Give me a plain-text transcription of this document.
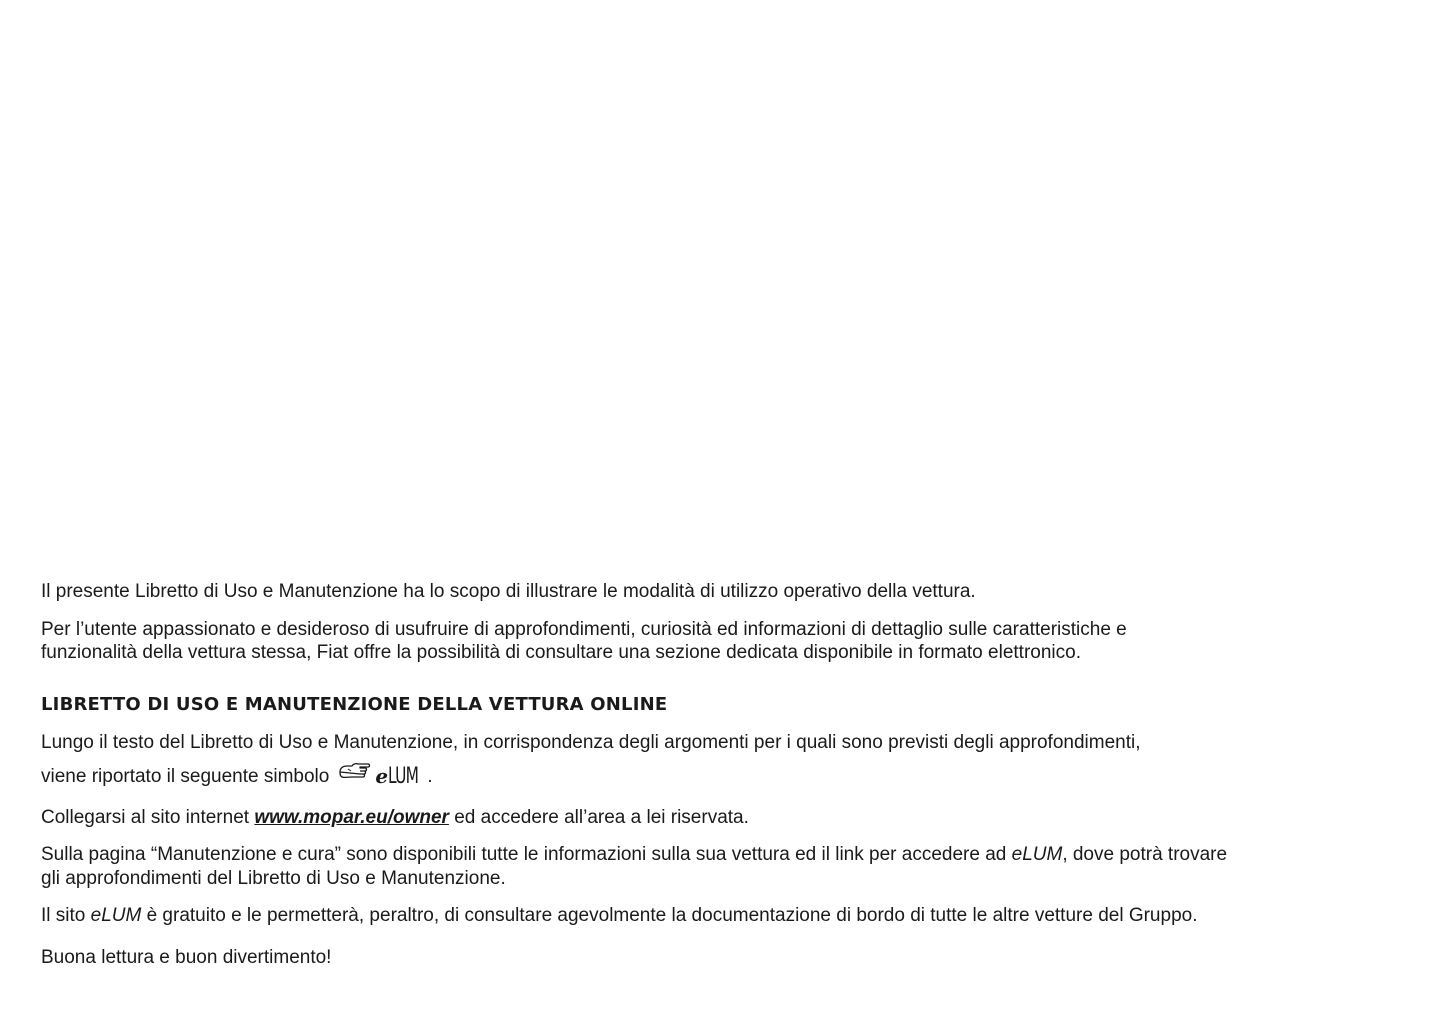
Il presente Libretto di Uso e Manutenzione ha lo scopo di illustrare le modalità di utilizzo operativo della vettura.

Per l’utente appassionato e desideroso di usufruire di approfondimenti, curiosità ed informazioni di dettaglio sulle caratteristiche e
funzionalità della vettura stessa, Fiat offre la possibilità di consultare una sezione dedicata disponibile in formato elettronico.

LIBRETTO DI USO E MANUTENZIONE DELLA VETTURA ONLINE

Lungo il testo del Libretto di Uso e Manutenzione, in corrispondenza degli argomenti per i quali sono previsti degli approfondimenti,
viene riportato il seguente simbolo eLUM .

Collegarsi al sito internet www.mopar.eu/owner ed accedere all’area a lei riservata.

Sulla pagina “Manutenzione e cura” sono disponibili tutte le informazioni sulla sua vettura ed il link per accedere ad eLUM, dove potrà trovare
gli approfondimenti del Libretto di Uso e Manutenzione.

Il sito eLUM è gratuito e le permetterà, peraltro, di consultare agevolmente la documentazione di bordo di tutte le altre vetture del Gruppo.

Buona lettura e buon divertimento!
